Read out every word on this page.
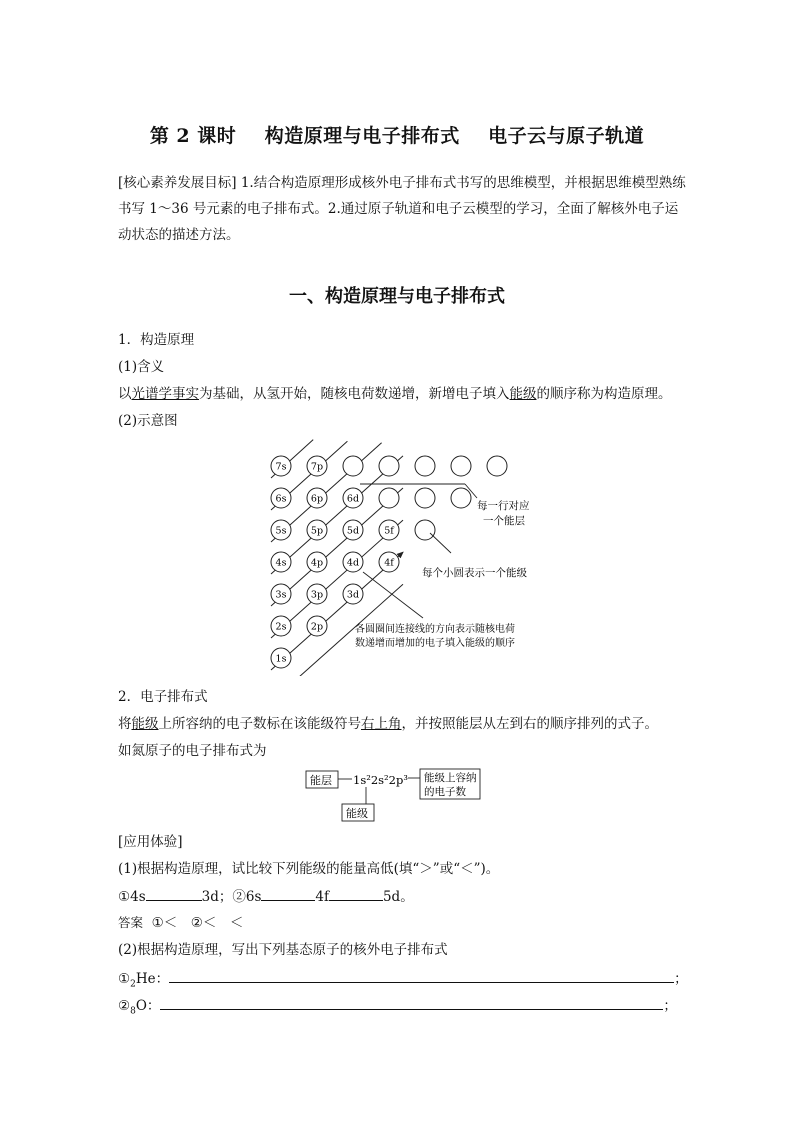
第 2 课时    构造原理与电子排布式    电子云与原子轨道
[核心素养发展目标] 1.结合构造原理形成核外电子排布式书写的思维模型，并根据思维模型熟练书写 1～36 号元素的电子排布式。2.通过原子轨道和电子云模型的学习，全面了解核外电子运动状态的描述方法。
一、构造原理与电子排布式
1．构造原理
(1)含义
以光谱学事实为基础，从氢开始，随核电荷数递增，新增电子填入能级的顺序称为构造原理。
(2)示意图
7s	7p
6s	6p	6d
5s	5p	5d	5f
4s	4p	4d	4f
3s	3p	3d
2s	2p
1s
每一行对应
一个能层
每个小圆表示一个能级
各圆圈间连接线的方向表示随核电荷
数递增而增加的电子填入能级的顺序
2．电子排布式
将能级上所容纳的电子数标在该能级符号右上角，并按照能层从左到右的顺序排列的式子。
如氮原子的电子排布式为
能层 1s²2s²2p³ 能级上容纳
的电子数
能级
[应用体验]
(1)根据构造原理，试比较下列能级的能量高低(填“＞”或“＜”)。
①4s	3d；②6s	4f	5d。
答案 ①＜　②＜　＜
(2)根据构造原理，写出下列基态原子的核外电子排布式
$①_2He$：	；
$②_8O$：	；
